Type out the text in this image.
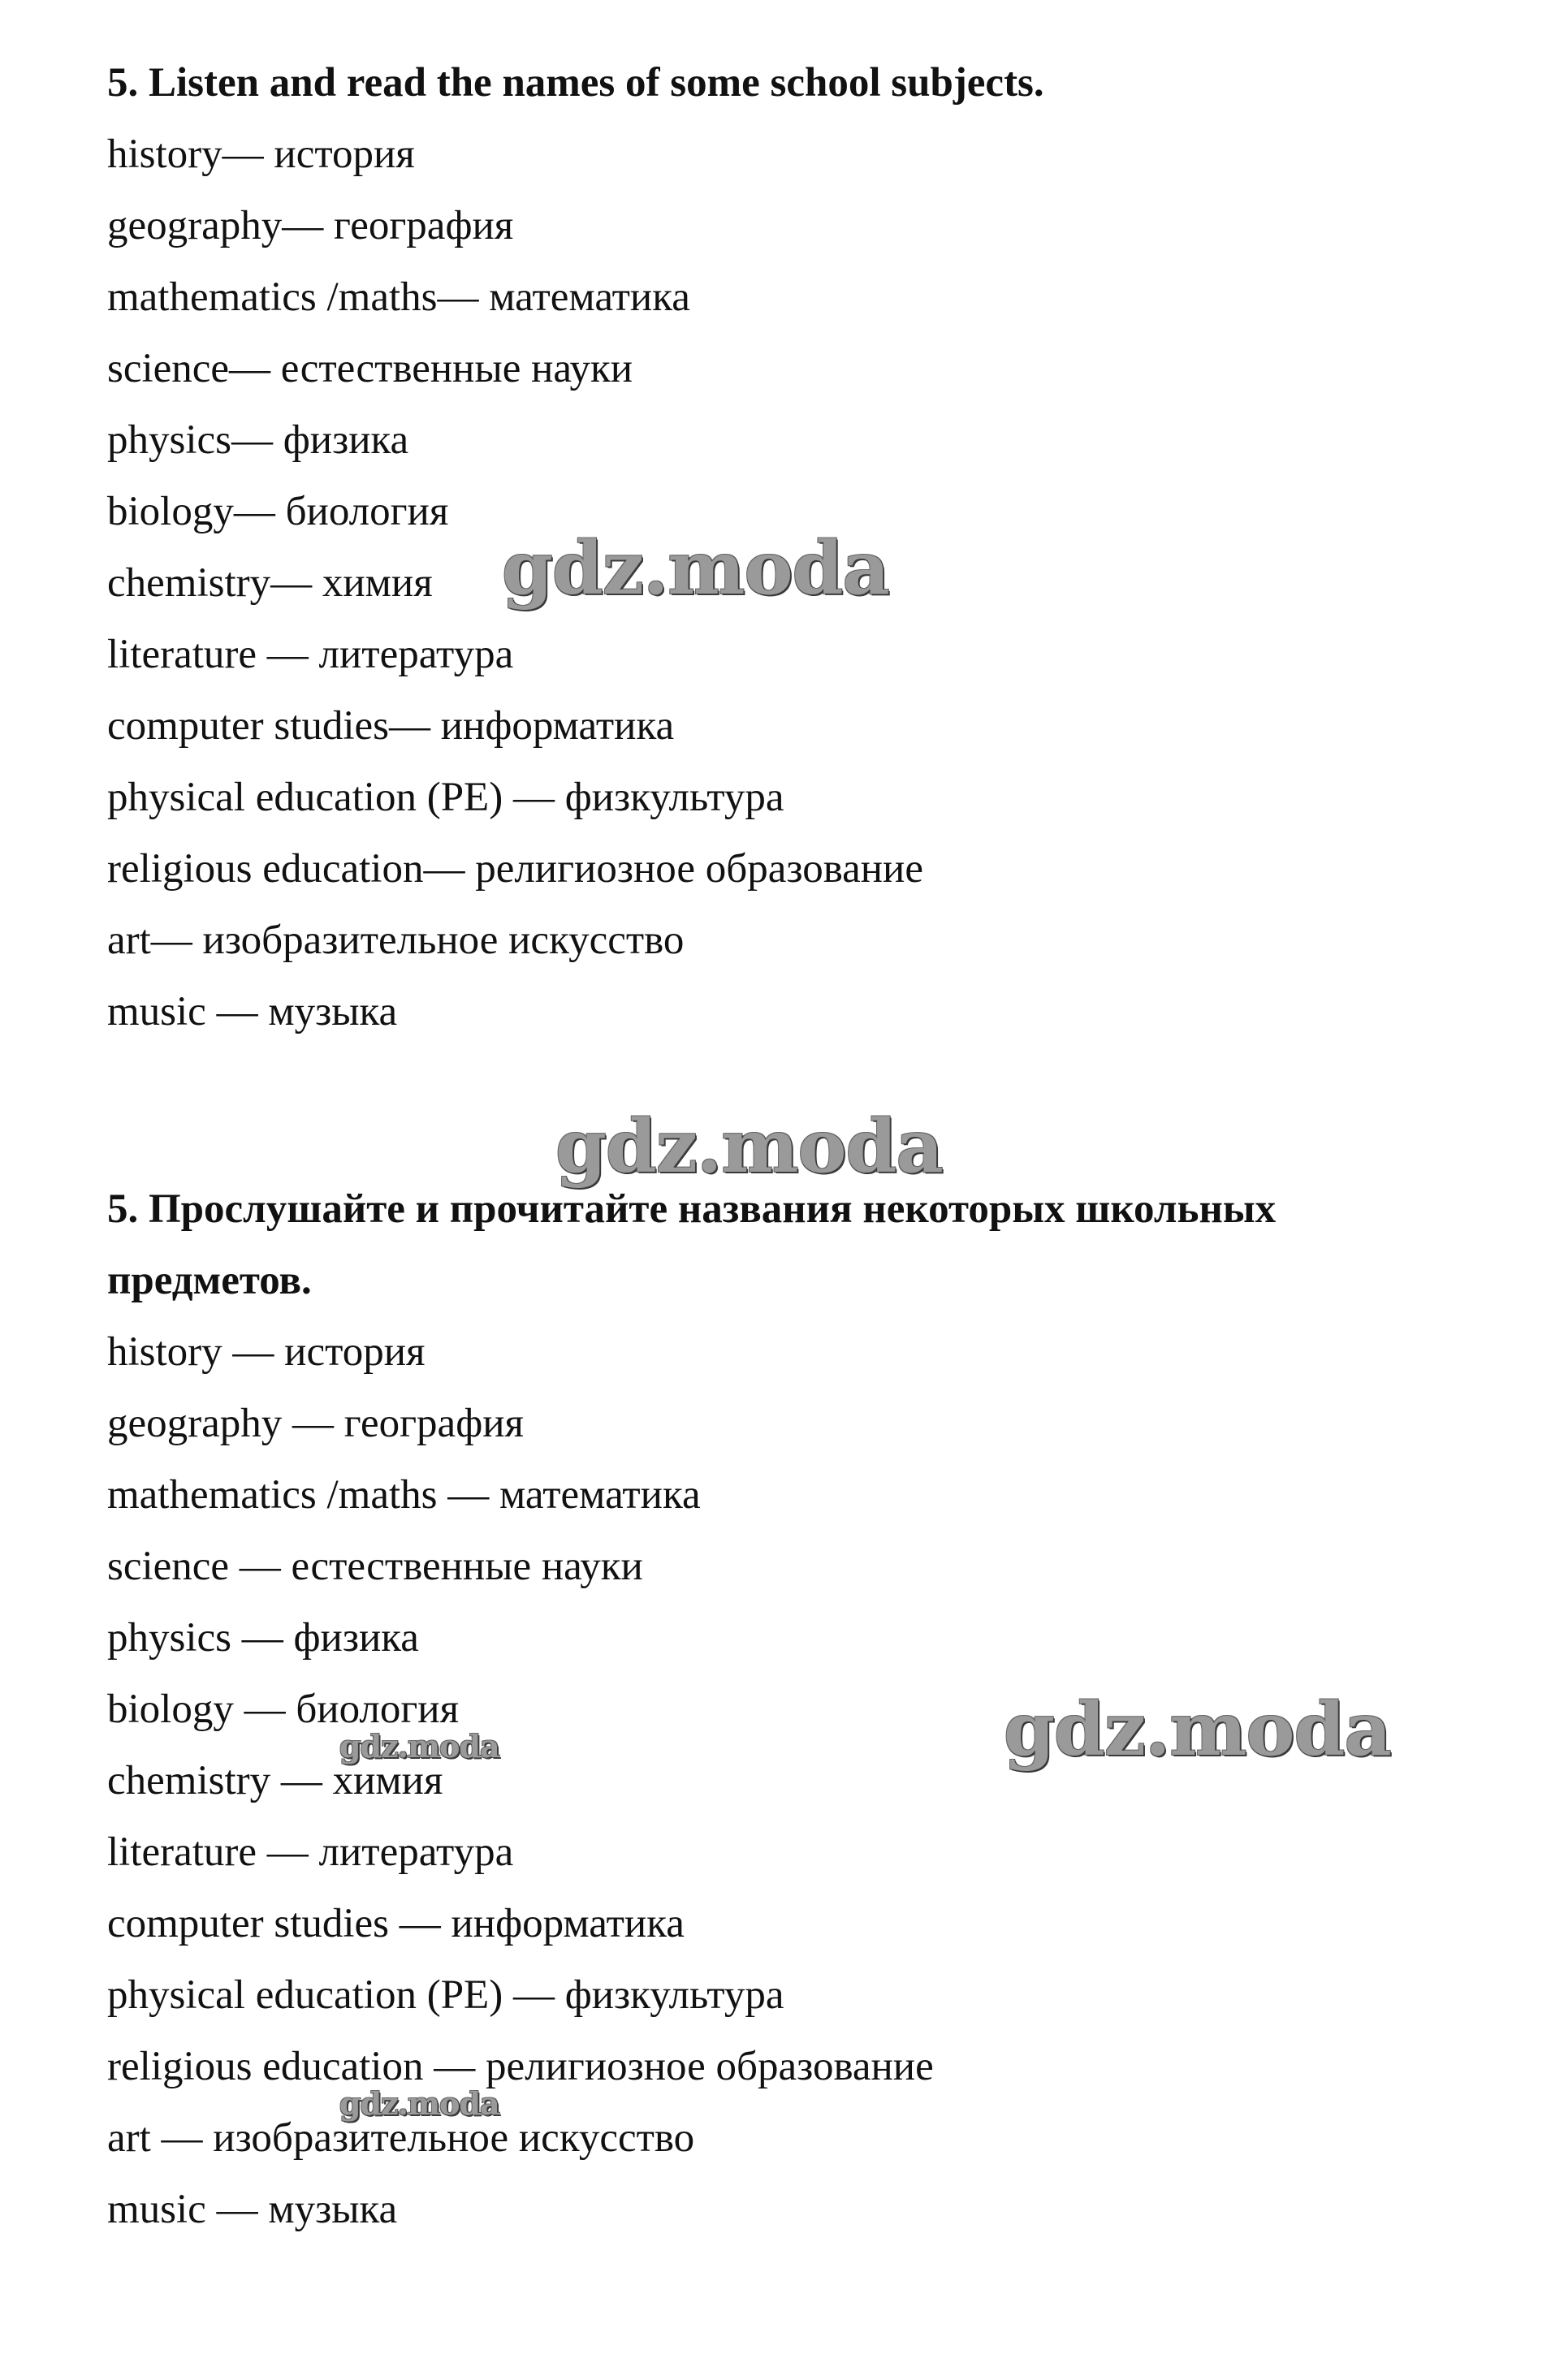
5. Listen and read the names of some school subjects.

history— история
geography— география
mathematics /maths— математика
science— естественные науки
physics— физика
biology— биология
chemistry— химия
literature — литература
computer studies— информатика
physical education (PE) — физкультура
religious education— религиозное образование
art— изобразительное искусство
music — музыка

5. Прослушайте и прочитайте названия некоторых школьных предметов.

history — история
geography — география
mathematics /maths — математика
science — естественные науки
physics — физика
biology — биология
chemistry — химия
literature — литература
computer studies — информатика
physical education (PE) — физкультура
religious education — религиозное образование
art — изобразительное искусство
music — музыка
gdz.moda
gdz.moda
gdz.moda
gdz.moda
gdz.moda
